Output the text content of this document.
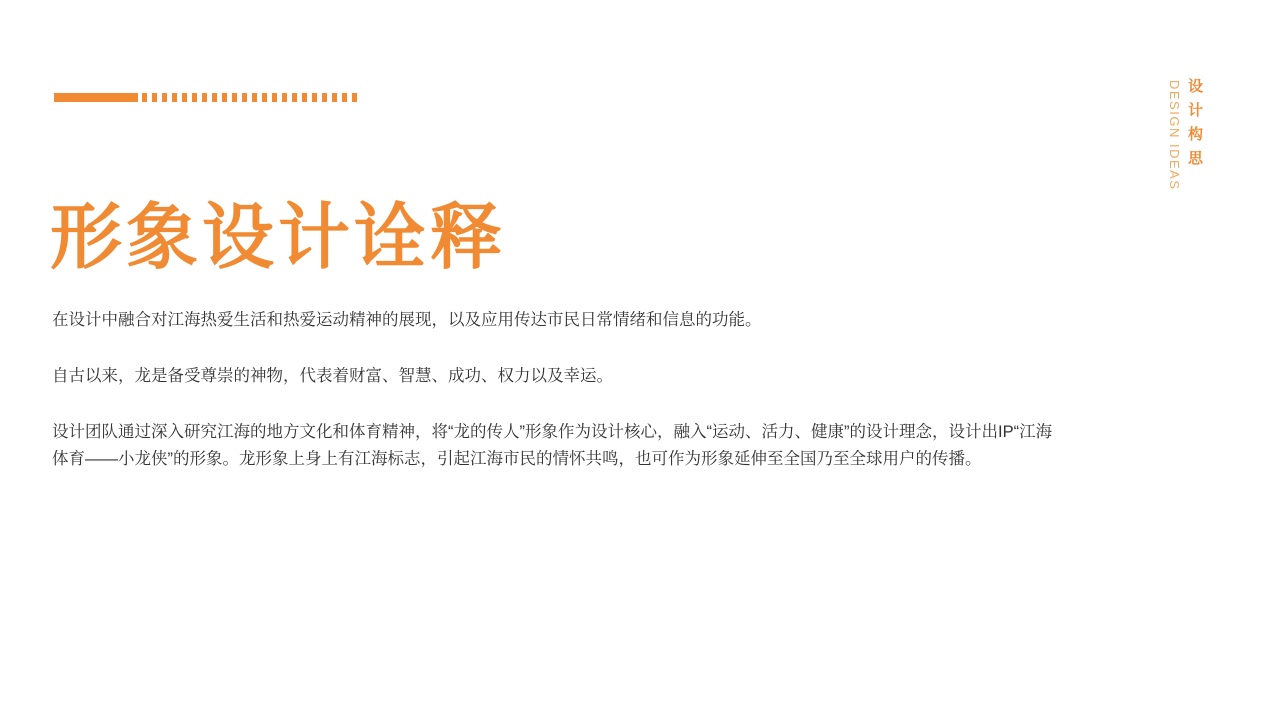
形象设计诠释
设计构思
DESIGN IDEAS

在设计中融合对江海热爱生活和热爱运动精神的展现，以及应用传达市民日常情绪和信息的功能。

自古以来，龙是备受尊崇的神物，代表着财富、智慧、成功、权力以及幸运。

设计团队通过深入研究江海的地方文化和体育精神，将“龙的传人”形象作为设计核心，融入“运动、活力、健康”的设计理念，设计出IP“江海体育——小龙侠”的形象。龙形象上身上有江海标志，引起江海市民的情怀共鸣，也可作为形象延伸至全国乃至全球用户的传播。
